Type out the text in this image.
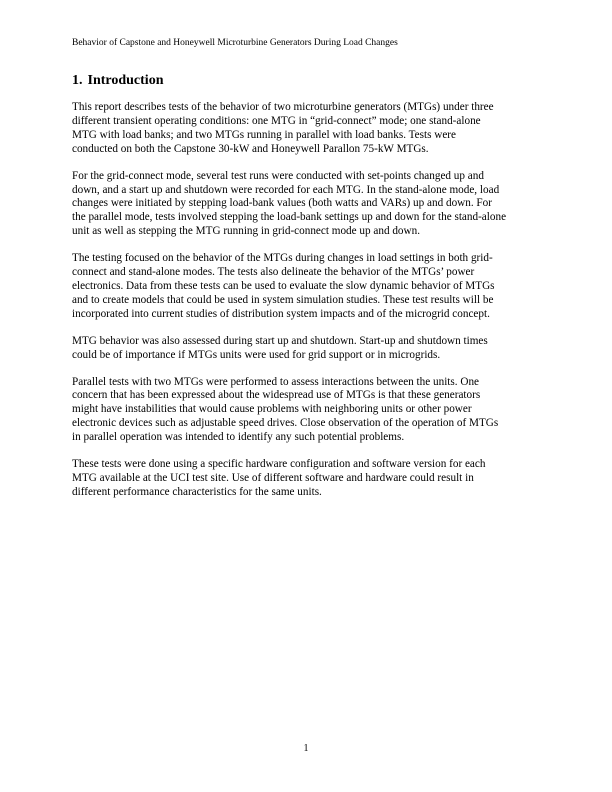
Behavior of Capstone and Honeywell Microturbine Generators During Load Changes
1. Introduction

This report describes tests of the behavior of two microturbine generators (MTGs) under three
different transient operating conditions: one MTG in “grid-connect” mode; one stand-alone
MTG with load banks; and two MTGs running in parallel with load banks. Tests were
conducted on both the Capstone 30-kW and Honeywell Parallon 75-kW MTGs.

For the grid-connect mode, several test runs were conducted with set-points changed up and
down, and a start up and shutdown were recorded for each MTG. In the stand-alone mode, load
changes were initiated by stepping load-bank values (both watts and VARs) up and down. For
the parallel mode, tests involved stepping the load-bank settings up and down for the stand-alone
unit as well as stepping the MTG running in grid-connect mode up and down.

The testing focused on the behavior of the MTGs during changes in load settings in both grid-
connect and stand-alone modes. The tests also delineate the behavior of the MTGs’ power
electronics. Data from these tests can be used to evaluate the slow dynamic behavior of MTGs
and to create models that could be used in system simulation studies. These test results will be
incorporated into current studies of distribution system impacts and of the microgrid concept.

MTG behavior was also assessed during start up and shutdown. Start-up and shutdown times
could be of importance if MTGs units were used for grid support or in microgrids.

Parallel tests with two MTGs were performed to assess interactions between the units. One
concern that has been expressed about the widespread use of MTGs is that these generators
might have instabilities that would cause problems with neighboring units or other power
electronic devices such as adjustable speed drives. Close observation of the operation of MTGs
in parallel operation was intended to identify any such potential problems.

These tests were done using a specific hardware configuration and software version for each
MTG available at the UCI test site. Use of different software and hardware could result in
different performance characteristics for the same units.

1
